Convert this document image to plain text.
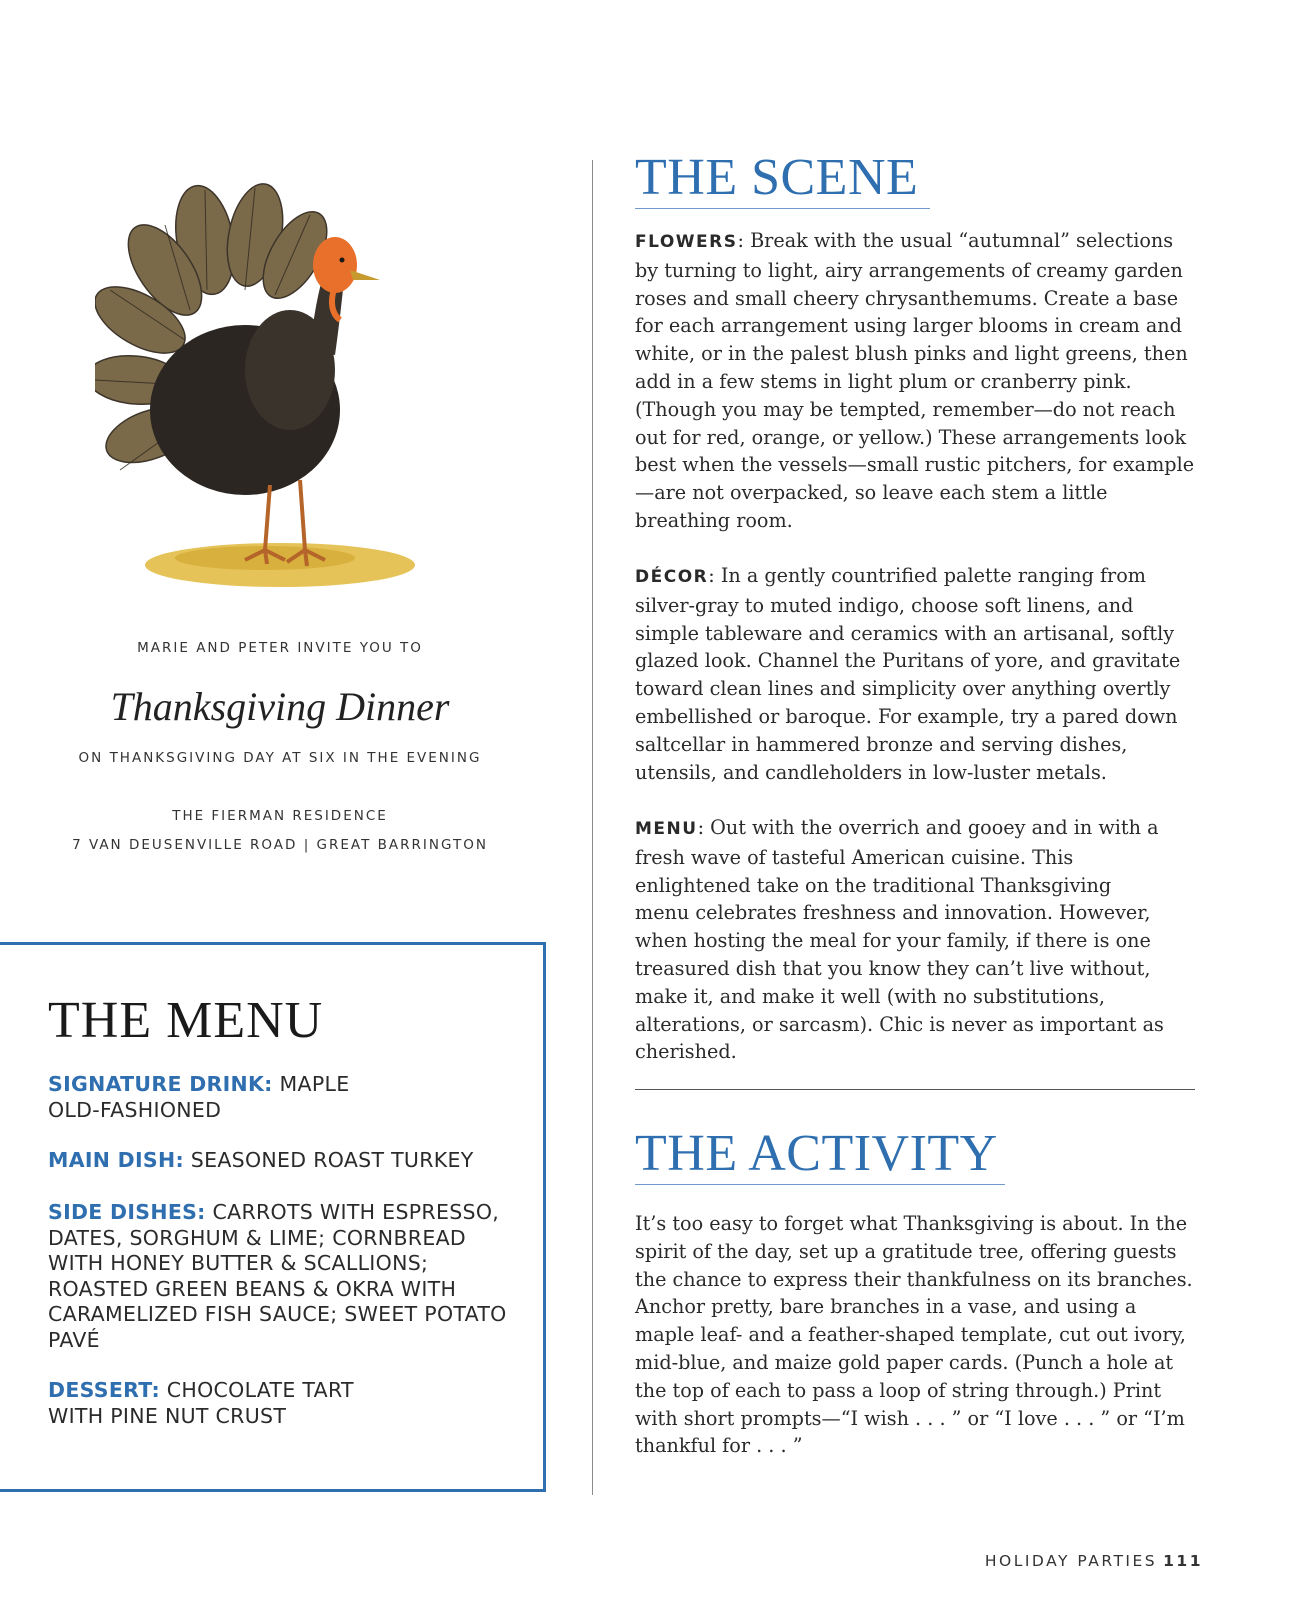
MARIE AND PETER INVITE YOU TO
Thanksgiving Dinner
ON THANKSGIVING DAY AT SIX IN THE EVENING
THE FIERMAN RESIDENCE
7 VAN DEUSENVILLE ROAD | GREAT BARRINGTON
THE MENU
SIGNATURE DRINK: MAPLE OLD-FASHIONED
MAIN DISH: SEASONED ROAST TURKEY
SIDE DISHES: CARROTS WITH ESPRESSO, DATES, SORGHUM & LIME; CORNBREAD WITH HONEY BUTTER & SCALLIONS; ROASTED GREEN BEANS & OKRA WITH CARAMELIZED FISH SAUCE; SWEET POTATO PAVÉ
DESSERT: CHOCOLATE TART WITH PINE NUT CRUST
THE SCENE
FLOWERS: Break with the usual “autumnal” selections by turning to light, airy arrangements of creamy garden roses and small cheery chrysanthemums. Create a base for each arrangement using larger blooms in cream and white, or in the palest blush pinks and light greens, then add in a few stems in light plum or cranberry pink. (Though you may be tempted, remember—do not reach out for red, orange, or yellow.) These arrangements look best when the vessels—small rustic pitchers, for example—are not overpacked, so leave each stem a little breathing room.
DÉCOR: In a gently countrified palette ranging from silver-gray to muted indigo, choose soft linens, and simple tableware and ceramics with an artisanal, softly glazed look. Channel the Puritans of yore, and gravitate toward clean lines and simplicity over anything overtly embellished or baroque. For example, try a pared down saltcellar in hammered bronze and serving dishes, utensils, and candleholders in low-luster metals.
MENU: Out with the overrich and gooey and in with a fresh wave of tasteful American cuisine. This enlightened take on the traditional Thanksgiving menu celebrates freshness and innovation. However, when hosting the meal for your family, if there is one treasured dish that you know they can’t live without, make it, and make it well (with no substitutions, alterations, or sarcasm). Chic is never as important as cherished.
THE ACTIVITY
It’s too easy to forget what Thanksgiving is about. In the spirit of the day, set up a gratitude tree, offering guests the chance to express their thankfulness on its branches. Anchor pretty, bare branches in a vase, and using a maple leaf- and a feather-shaped template, cut out ivory, mid-blue, and maize gold paper cards. (Punch a hole at the top of each to pass a loop of string through.) Print with short prompts—“I wish . . . ” or “I love . . . ” or “I’m thankful for . . . ”
HOLIDAY PARTIES 111
